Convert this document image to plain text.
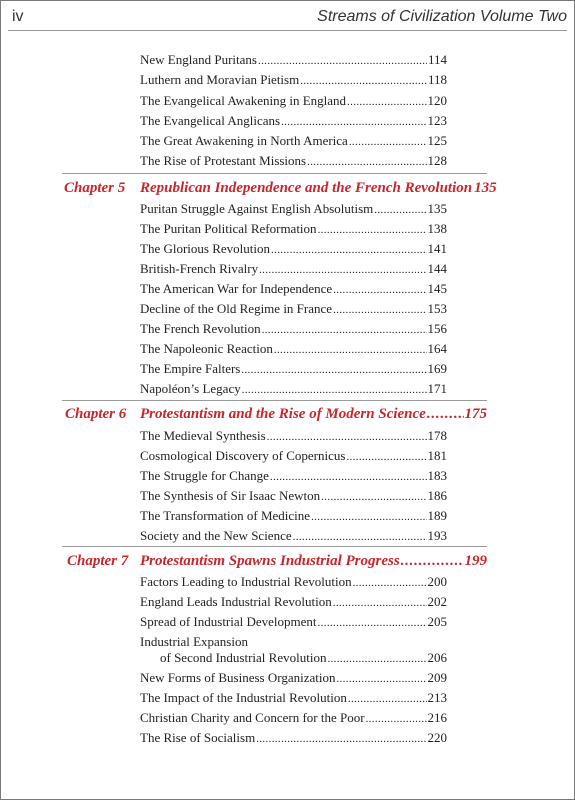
iv	Streams of Civilization Volume Two
New England Puritans . . .	114
Luthern and Moravian Pietism . . .	118
The Evangelical Awakening in England . . .	120
The Evangelical Anglicans . . .	123
The Great Awakening in North America . . .	125
The Rise of Protestant Missions . . .	128
Chapter 5 Republican Independence and the French Revolution 135
Puritan Struggle Against English Absolutism . . .	135
The Puritan Political Reformation . . .	138
The Glorious Revolution . . .	141
British-French Rivalry . . .	144
The American War for Independence . . .	145
Decline of the Old Regime in France . . .	153
The French Revolution . . .	156
The Napoleonic Reaction . . .	164
The Empire Falters . . .	169
Napoléon’s Legacy . . .	171
Chapter 6 Protestantism and the Rise of Modern Science . . .	175
The Medieval Synthesis . . .	178
Cosmological Discovery of Copernicus . . .	181
The Struggle for Change . . .	183
The Synthesis of Sir Isaac Newton . . .	186
The Transformation of Medicine . . .	189
Society and the New Science . . .	193
Chapter 7 Protestantism Spawns Industrial Progress . . .	199
Factors Leading to Industrial Revolution . . .	200
England Leads Industrial Revolution . . .	202
Spread of Industrial Development . . .	205
Industrial Expansion
of Second Industrial Revolution . . .	206
New Forms of Business Organization . . .	209
The Impact of the Industrial Revolution . . .	213
Christian Charity and Concern for the Poor . . .	216
The Rise of Socialism . . .	220
